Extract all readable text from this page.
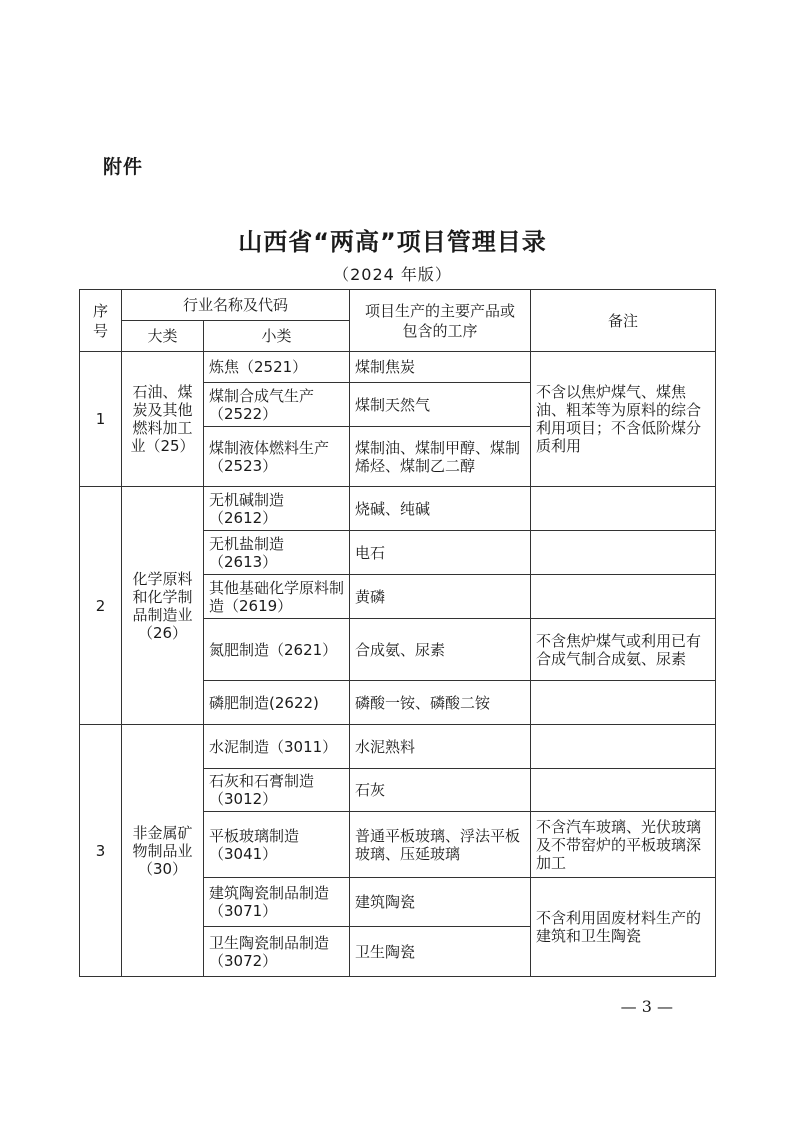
附件
山西省“两高”项目管理目录
（2024 年版）
序号	行业名称及代码		项目生产的主要产品或包含的工序	备注
	大类	小类		
1	石油、煤炭及其他燃料加工业（25）	炼焦（2521）	煤制焦炭	不含以焦炉煤气、煤焦油、粗苯等为原料的综合利用项目；不含低阶煤分质利用
		煤制合成气生产（2522）	煤制天然气	
		煤制液体燃料生产（2523）	煤制油、煤制甲醇、煤制烯烃、煤制乙二醇	
2	化学原料和化学制品制造业（26）	无机碱制造（2612）	烧碱、纯碱	
		无机盐制造（2613）	电石	
		其他基础化学原料制造（2619）	黄磷	
		氮肥制造（2621）	合成氨、尿素	不含焦炉煤气或利用已有合成气制合成氨、尿素
		磷肥制造(2622)	磷酸一铵、磷酸二铵	
3	非金属矿物制品业（30）	水泥制造（3011）	水泥熟料	
		石灰和石膏制造（3012）	石灰	
		平板玻璃制造（3041）	普通平板玻璃、浮法平板玻璃、压延玻璃	不含汽车玻璃、光伏玻璃及不带窑炉的平板玻璃深加工
		建筑陶瓷制品制造（3071）	建筑陶瓷	不含利用固废材料生产的建筑和卫生陶瓷
		卫生陶瓷制品制造（3072）	卫生陶瓷	
— 3 —
